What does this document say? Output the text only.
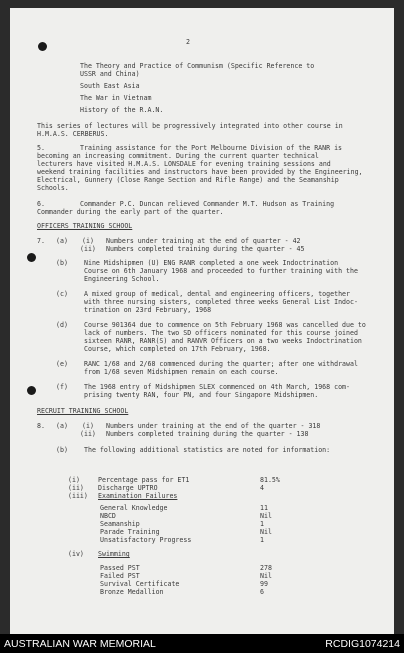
2
The Theory and Practice of Communism (Specific Reference to
USSR and China)
South East Asia
The War in Vietnam
History of the R.A.N.
This series of lectures will be progressively integrated into other course in
H.M.A.S. CERBERUS.
5.	Training assistance for the Port Melbourne Division of the RANR is
becoming an increasing commitment. During the current quarter technical
lecturers have visited H.M.A.S. LONSDALE for evening training sessions and
weekend training facilities and instructors have been provided by the Engineering,
Electrical, Gunnery (Close Range Section and Rifle Range) and the Seamanship
Schools.
6.	Commander P.C. Duncan relieved Commander M.T. Hudson as Training
Commander during the early part of the quarter.
OFFICERS TRAINING SCHOOL
7. (a) (i) Numbers under training at the end of quarter - 42
(ii) Numbers completed training during the quarter - 45
(b) Nine Midshipmen (U) ENG RANR completed a one week Indoctrination
Course on 6th January 1968 and proceeded to further training with the
Engineering School.
(c) A mixed group of medical, dental and engineering officers, together
with three nursing sisters, completed three weeks General List Indoc-
trination on 23rd February, 1968
(d) Course 901364 due to commence on 5th February 1968 was cancelled due to
lack of numbers. The two SD officers nominated for this course joined
sixteen RANR, RANR(S) and RANVR Officers on a two weeks Indoctrination
Course, which completed on 17th February, 1968.
(e) RANC 1/68 and 2/68 commenced during the quarter; after one withdrawal
from 1/68 seven Midshipmen remain on each course.
(f) The 1968 entry of Midshipmen SLEX commenced on 4th March, 1968 com-
prising twenty RAN, four PN, and four Singapore Midshipmen.
RECRUIT TRAINING SCHOOL
8. (a) (i) Numbers under training at the end of the quarter - 318
(ii) Numbers completed training during the quarter - 138
(b) The following additional statistics are noted for information:
(i)	Percentage pass for ET1	81.5%
(ii) Discharge UPTRO	4
(iii) Examination Failures
General Knowledge	11
NBCD	Nil
Seamanship	1
Parade Training	Nil
Unsatisfactory Progress	1
(iv) Swimming
Passed PST	278
Failed PST	Nil
Survival Certificate	99
Bronze Medallion	6
AUSTRALIAN WAR MEMORIAL	RCDIG1074214
